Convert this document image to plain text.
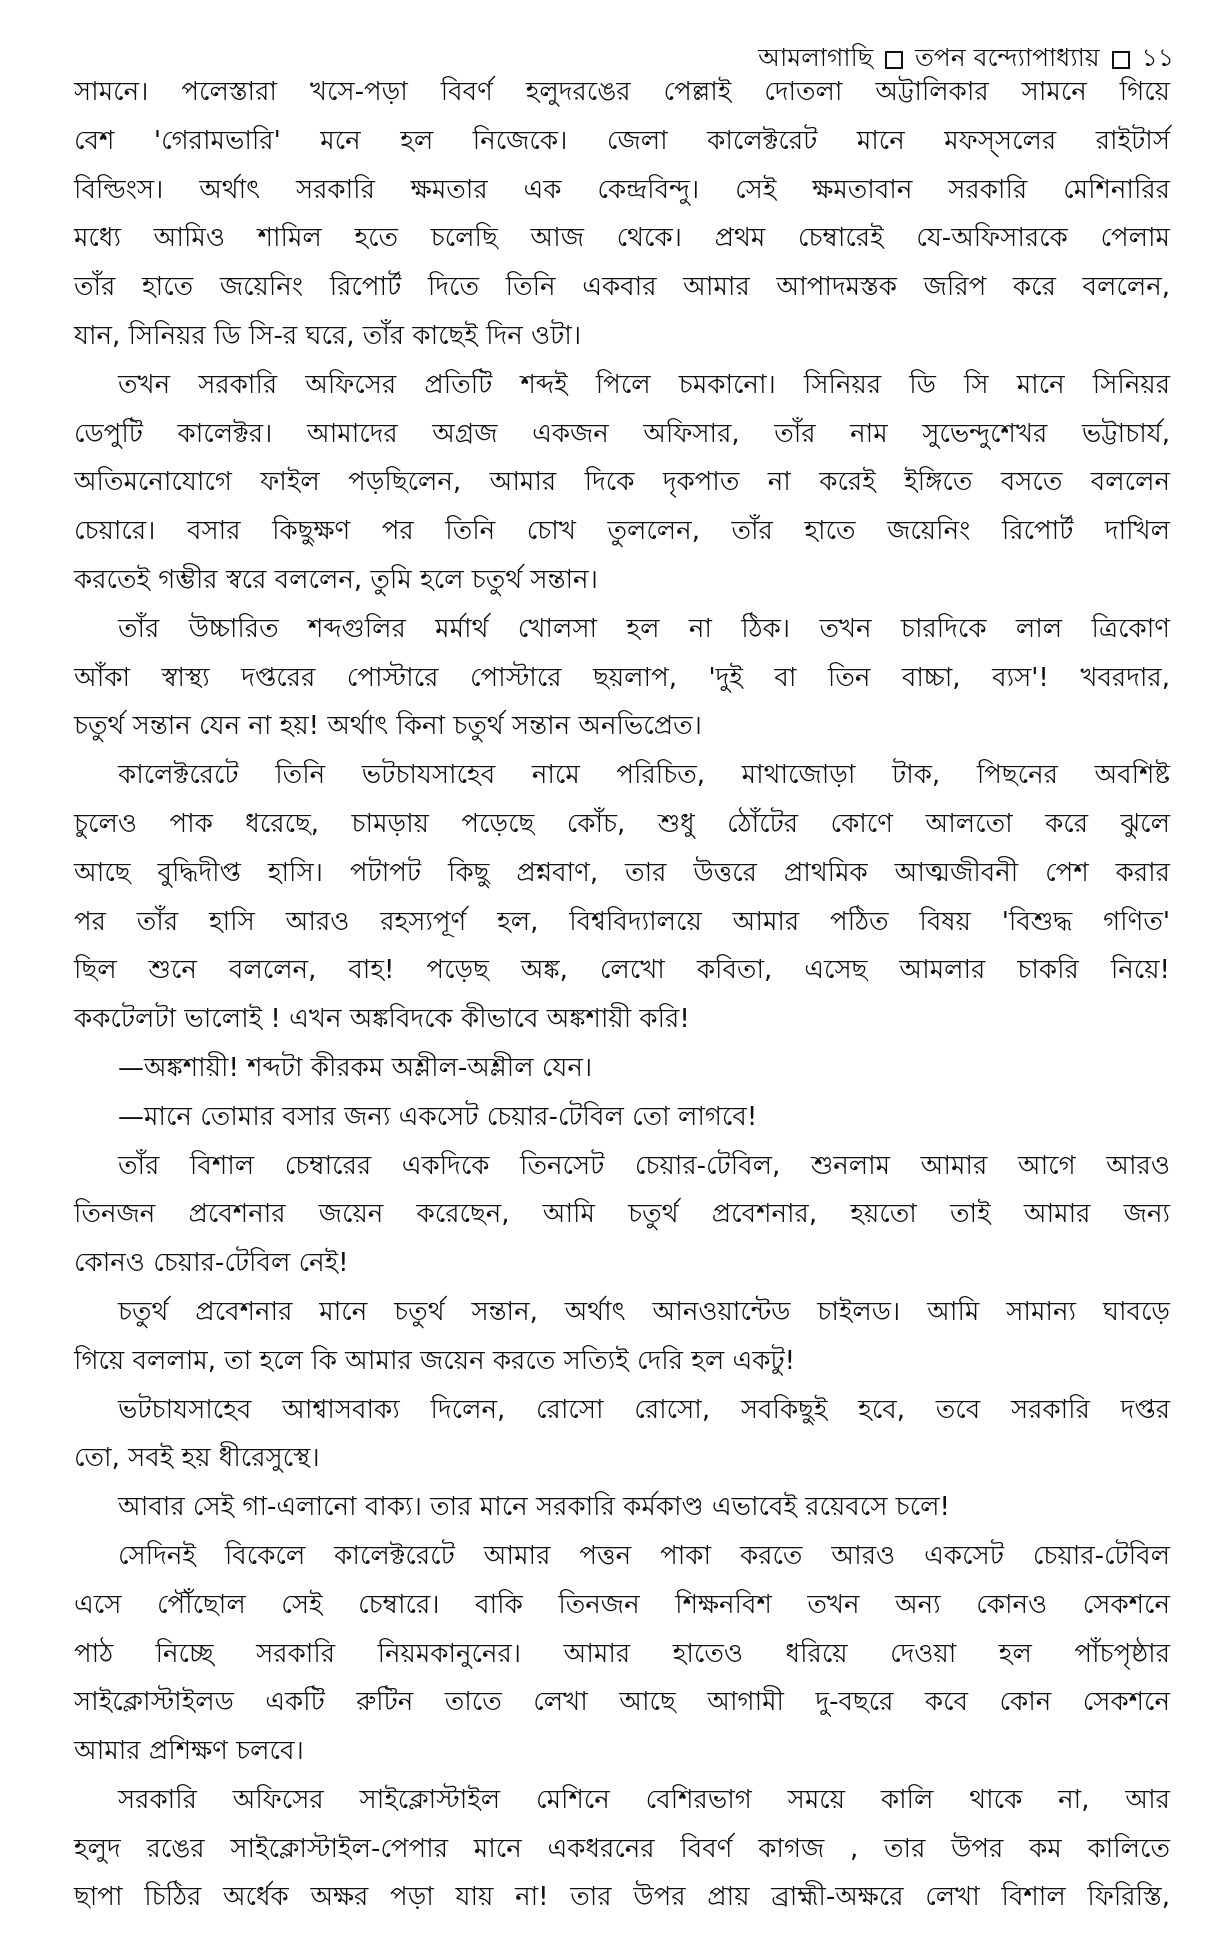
আমলাগাছি তপন বন্দ্যোপাধ্যায় ১১
সামনে। পলেস্তারা খসে-পড়া বিবর্ণ হলুদরঙের পেল্লাই দোতলা অট্টালিকার সামনে গিয়ে
বেশ 'গেরামভারি' মনে হল নিজেকে। জেলা কালেক্টরেট মানে মফস্সলের রাইটার্স
বিল্ডিংস। অর্থাৎ সরকারি ক্ষমতার এক কেন্দ্রবিন্দু। সেই ক্ষমতাবান সরকারি মেশিনারির
মধ্যে আমিও শামিল হতে চলেছি আজ থেকে। প্রথম চেম্বারেই যে-অফিসারকে পেলাম
তাঁর হাতে জয়েনিং রিপোর্ট দিতে তিনি একবার আমার আপাদমস্তক জরিপ করে বললেন,
যান, সিনিয়র ডি সি-র ঘরে, তাঁর কাছেই দিন ওটা।
তখন সরকারি অফিসের প্রতিটি শব্দই পিলে চমকানো। সিনিয়র ডি সি মানে সিনিয়র
ডেপুটি কালেক্টর। আমাদের অগ্রজ একজন অফিসার, তাঁর নাম সুভেন্দুশেখর ভট্টাচার্য,
অতিমনোযোগে ফাইল পড়ছিলেন, আমার দিকে দৃকপাত না করেই ইঙ্গিতে বসতে বললেন
চেয়ারে। বসার কিছুক্ষণ পর তিনি চোখ তুললেন, তাঁর হাতে জয়েনিং রিপোর্ট দাখিল
করতেই গম্ভীর স্বরে বললেন, তুমি হলে চতুর্থ সন্তান।
তাঁর উচ্চারিত শব্দগুলির মর্মার্থ খোলসা হল না ঠিক। তখন চারদিকে লাল ত্রিকোণ
আঁকা স্বাস্থ্য দপ্তরের পোস্টারে পোস্টারে ছয়লাপ, 'দুই বা তিন বাচ্চা, ব্যস'! খবরদার,
চতুর্থ সন্তান যেন না হয়! অর্থাৎ কিনা চতুর্থ সন্তান অনভিপ্রেত।
কালেক্টরেটে তিনি ভটচাযসাহেব নামে পরিচিত, মাথাজোড়া টাক, পিছনের অবশিষ্ট
চুলেও পাক ধরেছে, চামড়ায় পড়েছে কোঁচ, শুধু ঠোঁটের কোণে আলতো করে ঝুলে
আছে বুদ্ধিদীপ্ত হাসি। পটাপট কিছু প্রশ্নবাণ, তার উত্তরে প্রাথমিক আত্মজীবনী পেশ করার
পর তাঁর হাসি আরও রহস্যপূর্ণ হল, বিশ্ববিদ্যালয়ে আমার পঠিত বিষয় 'বিশুদ্ধ গণিত'
ছিল শুনে বললেন, বাহ! পড়েছ অঙ্ক, লেখো কবিতা, এসেছ আমলার চাকরি নিয়ে!
ককটেলটা ভালোই ! এখন অঙ্কবিদকে কীভাবে অঙ্কশায়ী করি!
—অঙ্কশায়ী! শব্দটা কীরকম অশ্লীল-অশ্লীল যেন।
—মানে তোমার বসার জন্য একসেট চেয়ার-টেবিল তো লাগবে!
তাঁর বিশাল চেম্বারের একদিকে তিনসেট চেয়ার-টেবিল, শুনলাম আমার আগে আরও
তিনজন প্রবেশনার জয়েন করেছেন, আমি চতুর্থ প্রবেশনার, হয়তো তাই আমার জন্য
কোনও চেয়ার-টেবিল নেই!
চতুর্থ প্রবেশনার মানে চতুর্থ সন্তান, অর্থাৎ আনওয়ান্টেড চাইলড। আমি সামান্য ঘাবড়ে
গিয়ে বললাম, তা হলে কি আমার জয়েন করতে সত্যিই দেরি হল একটু!
ভটচাযসাহেব আশ্বাসবাক্য দিলেন, রোসো রোসো, সবকিছুই হবে, তবে সরকারি দপ্তর
তো, সবই হয় ধীরেসুস্থে।
আবার সেই গা-এলানো বাক্য। তার মানে সরকারি কর্মকাণ্ড এভাবেই রয়েবসে চলে!
সেদিনই বিকেলে কালেক্টরেটে আমার পত্তন পাকা করতে আরও একসেট চেয়ার-টেবিল
এসে পৌঁছোল সেই চেম্বারে। বাকি তিনজন শিক্ষনবিশ তখন অন্য কোনও সেকশনে
পাঠ নিচ্ছে সরকারি নিয়মকানুনের। আমার হাতেও ধরিয়ে দেওয়া হল পাঁচপৃষ্ঠার
সাইক্লোস্টাইলড একটি রুটিন তাতে লেখা আছে আগামী দু-বছরে কবে কোন সেকশনে
আমার প্রশিক্ষণ চলবে।
সরকারি অফিসের সাইক্লোস্টাইল মেশিনে বেশিরভাগ সময়ে কালি থাকে না, আর
হলুদ রঙের সাইক্লোস্টাইল-পেপার মানে একধরনের বিবর্ণ কাগজ , তার উপর কম কালিতে
ছাপা চিঠির অর্ধেক অক্ষর পড়া যায় না! তার উপর প্রায় ব্রাহ্মী-অক্ষরে লেখা বিশাল ফিরিস্তি,
